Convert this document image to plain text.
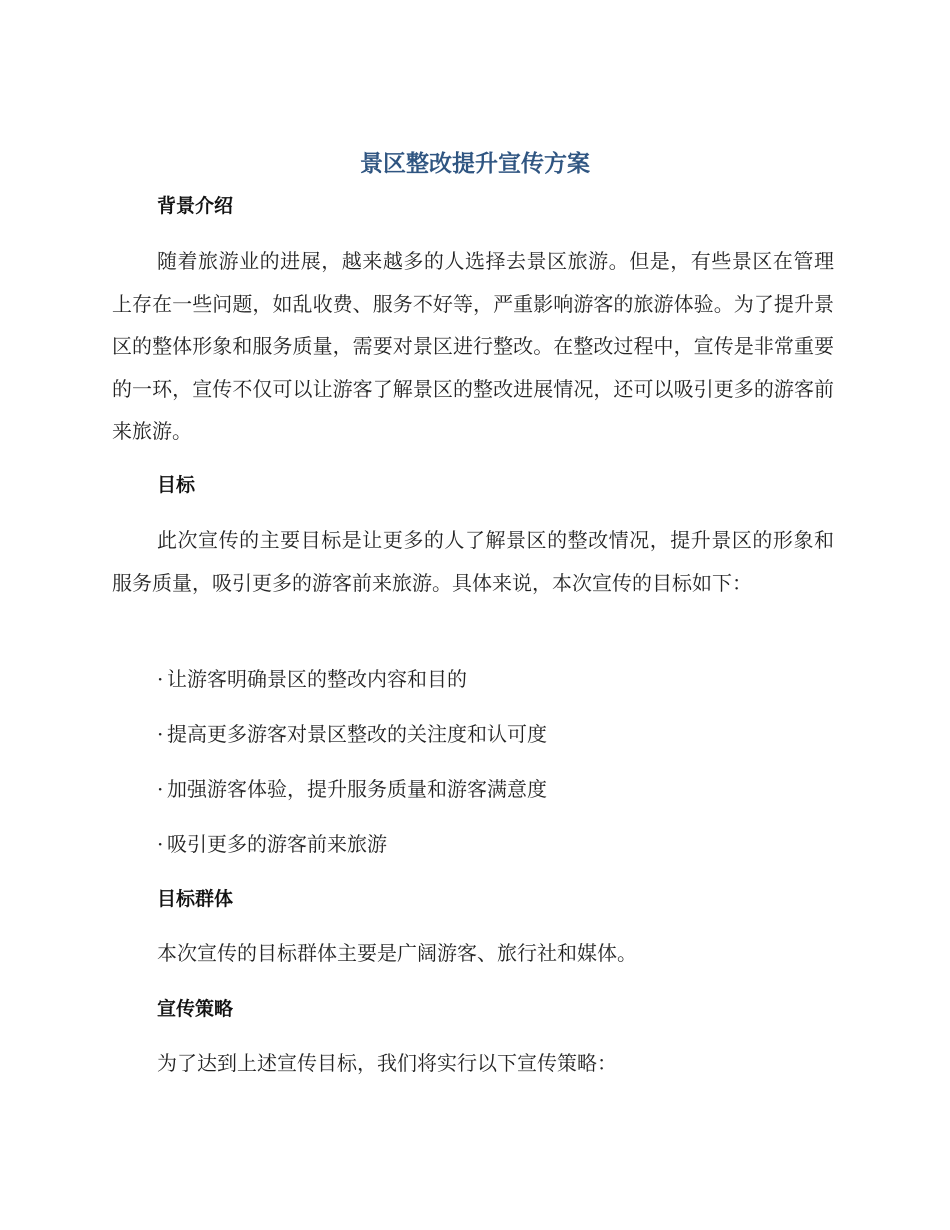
景区整改提升宣传方案
背景介绍

随着旅游业的进展，越来越多的人选择去景区旅游。但是，有些景区在管理上存在一些问题，如乱收费、服务不好等，严重影响游客的旅游体验。为了提升景区的整体形象和服务质量，需要对景区进行整改。在整改过程中，宣传是非常重要的一环，宣传不仅可以让游客了解景区的整改进展情况，还可以吸引更多的游客前来旅游。

目标

此次宣传的主要目标是让更多的人了解景区的整改情况，提升景区的形象和服务质量，吸引更多的游客前来旅游。具体来说，本次宣传的目标如下：

· 让游客明确景区的整改内容和目的

· 提高更多游客对景区整改的关注度和认可度

· 加强游客体验，提升服务质量和游客满意度

· 吸引更多的游客前来旅游

目标群体

本次宣传的目标群体主要是广阔游客、旅行社和媒体。

宣传策略

为了达到上述宣传目标，我们将实行以下宣传策略：
